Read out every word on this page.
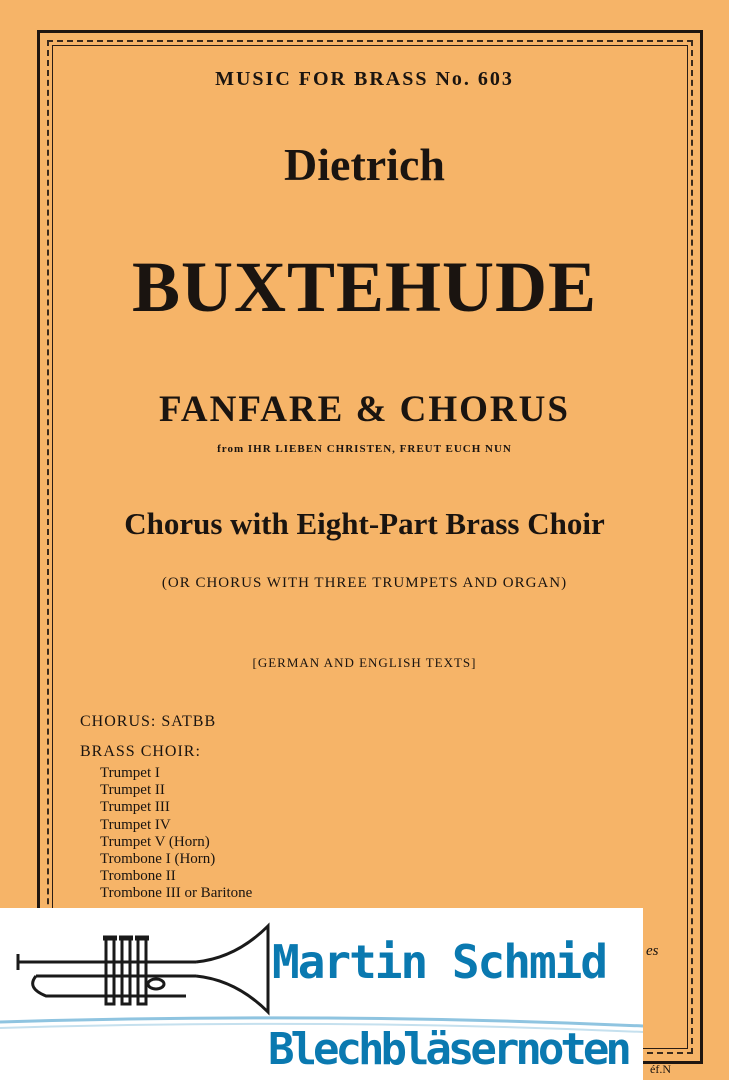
MUSIC FOR BRASS No. 603
Dietrich
BUXTEHUDE
FANFARE & CHORUS
from IHR LIEBEN CHRISTEN, FREUT EUCH NUN
Chorus with Eight-Part Brass Choir
(OR CHORUS WITH THREE TRUMPETS AND ORGAN)
[GERMAN AND ENGLISH TEXTS]
CHORUS: SATBB
BRASS CHOIR:
Trumpet I
Trumpet II
Trumpet III
Trumpet IV
Trumpet V (Horn)
Trombone I (Horn)
Trombone II
Trombone III or Baritone
es
éf.N
Martin Schmid
Blechbläsernoten
